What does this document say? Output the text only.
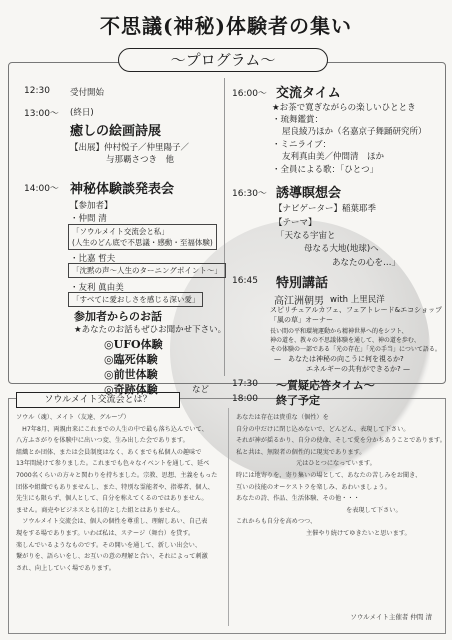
不思議(神秘)体験者の集い
〜プログラム〜
12:30 受付開始
13:00〜 (終日)
癒しの絵画詩展
【出展】仲村悦子／仲里陽子／
与那覇さつき　他
14:00〜 神秘体験談発表会
【参加者】
・仲間 清
「ソウルメイト交流会と私」
(人生のどん底で不思議・感動・至福体験)
・比嘉 哲夫
「沈黙の声〜人生のターニングポイント〜」
・友利 眞由美
「すべてに愛おしさを感じる深い愛」
参加者からのお話
★あなたのお話もぜひお聞かせ下さい。
◎UFO体験
◎臨死体験
◎前世体験
16:00〜 交流タイム
★お茶で寛ぎながらの楽しいひととき
・琉舞鑑賞：
屋良綾乃ほか（名嘉京子舞踊研究所）
・ミニライブ：
友利真由美／仲間清　ほか
・全員による歌：「ひとつ」
16:30〜 誘導瞑想会
【ナビゲーター】稲葉耶季
【テーマ】
「天なる宇宙と
母なる大地(地球)へ
あなたの心を…」
16:45 特別講話
高江洲朝男 with 上里民洋
スピリチュアルカフェ、フェアトレード&エコショップ
「風の草」オーナー
長い間の平和環境運動から精神世界へ的をシフト、
神の道を、教々の不思議体験を通して、神の道を歩む、
その体験の一部である「光の存在」「光の手当」について語る。
—　あなたは神秘の向こうに何を視るか?
エネルギーの共有ができるか? —
ソウルメイト交流会とは？

ソウル（魂）、メイト（友達、グループ）

　H7年8月、両親由来にこれまでの人生の中で最も落ち込んでいて、

八方ふさがりを体験中に出いつ変、生み出した会であります。

組織とか団体、または会員制度はなく、あくまでも私個人の趣味で

13年間続けて参りました。これまでも色々なイベントを通して、延べ

7000名くらいの方々と関わりを持ちました。宗教、思想、主義をもった

団体や組織でもありませんし、また、特別な霊能者や、指導者、個人、

先生にも限らず、個人として、自分を称えてくるのではありません。

ません。商売やビジネスとも目的とした組とはありません。

　ソウルメイト交流会は、個人の個性を尊重し、理解しあい、自己表

現をする場であります。いわば私は、ステージ（舞台）を貸す。

楽しんでいるようなものです。その開いを通して、新しい出会い、

繋がりを、語らいをし、お互いの意の理解と合い、それによって刺激

され、向上していく場であります。

あなたは存在は貴重な（個性）を

自分の中だけに閉じ込めないで、どんどん、表現して下さい。

それが神が揺るかり、自分の使命、そして愛を分かちあうことであります。

私と共は、無限者の個性的に現実であります。

元はひとつになっています。

時には地寄りを、寄り集いの場として、あなたの苦しみをお聞き、

互いの技能のオーケストラを楽しみ、あわいましょう。

あなたの詩、作品、生活体験、その他・・・

を表現して下さい。

これからも自分を高めつつ、

主催やり続けてゆきたいと思います。

ソウルメイト主催者 仲間 清
◎奇跡体験	など
17:30 〜質疑応答タイム〜
18:00 終了予定
